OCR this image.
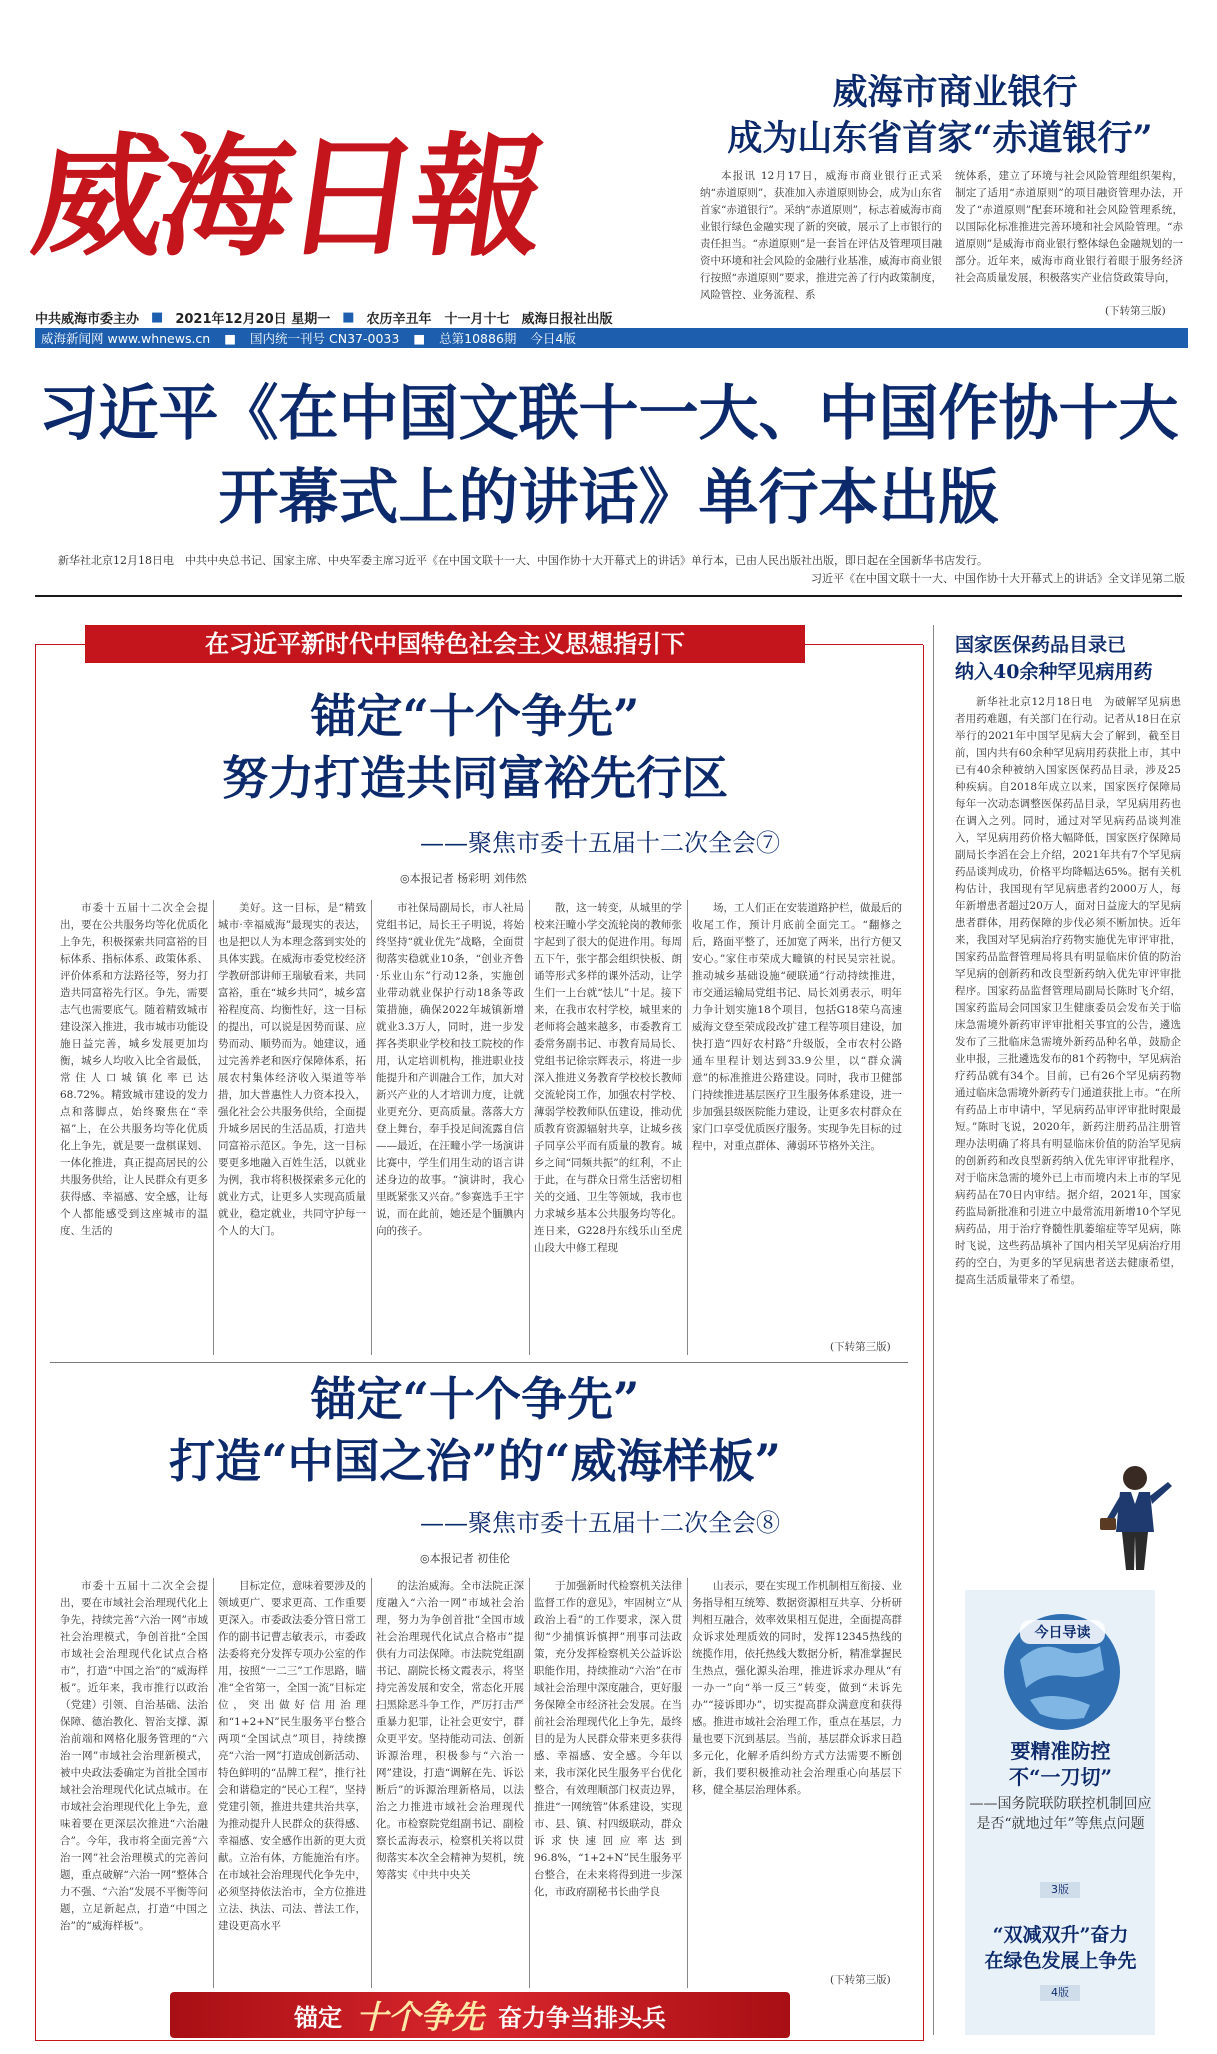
威海日報
中共威海市委主办 ■ 2021年12月20日 星期一 ■ 农历辛丑年　十一月十七 威海日报社出版
威海新闻网 www.whnews.cn ■ 国内统一刊号 CN37-0033 ■ 总第10886期 今日4版
威海市商业银行
成为山东省首家“赤道银行”

本报讯 12月17日，威海市商业银行正式采纳“赤道原则”，获准加入赤道原则协会，成为山东省首家“赤道银行”。采纳“赤道原则”，标志着威海市商业银行绿色金融实现了新的突破，展示了上市银行的责任担当。“赤道原则”是一套旨在评估及管理项目融资中环境和社会风险的金融行业基准，威海市商业银行按照“赤道原则”要求，推进完善了行内政策制度，风险管控、业务流程、系

统体系，建立了环境与社会风险管理组织架构，制定了适用“赤道原则”的项目融资管理办法，开发了“赤道原则”配套环境和社会风险管理系统，以国际化标准推进完善环境和社会风险管理。“赤道原则”是威海市商业银行整体绿色金融规划的一部分。近年来，威海市商业银行着眼于服务经济社会高质量发展，积极落实产业信贷政策导向，

(下转第三版)
习近平《在中国文联十一大、中国作协十大
开幕式上的讲话》单行本出版
新华社北京12月18日电　中共中央总书记、国家主席、中央军委主席习近平《在中国文联十一大、中国作协十大开幕式上的讲话》单行本，已由人民出版社出版，即日起在全国新华书店发行。
习近平《在中国文联十一大、中国作协十大开幕式上的讲话》全文详见第二版
在习近平新时代中国特色社会主义思想指引下
锚定“十个争先”
努力打造共同富裕先行区
——聚焦市委十五届十二次全会⑦
◎本报记者 杨彩明 刘伟然

市委十五届十二次全会提出，要在公共服务均等化优质化上争先，积极探索共同富裕的目标体系、指标体系、政策体系、评价体系和方法路径等，努力打造共同富裕先行区。争先，需要志气也需要底气。随着精致城市建设深入推进，我市城市功能设施日益完善，城乡发展更加均衡，城乡人均收入比全省最低，常住人口城镇化率已达68.72%。精致城市建设的发力点和落脚点，始终聚焦在“幸福”上，在公共服务均等化优质化上争先，就是要一盘棋谋划、一体化推进，真正提高居民的公共服务供给，让人民群众有更多获得感、幸福感、安全感，让每个人都能感受到这座城市的温度、生活的

美好。这一目标，是“精致城市·幸福威海”最现实的表达，也是把以人为本理念落到实处的具体实践。在威海市委党校经济学教研部讲师王瑞敏看来，共同富裕，重在“城乡共同”，城乡富裕程度高、均衡性好，这一目标的提出，可以说是因势而谋、应势而动、顺势而为。她建议，通过完善养老和医疗保障体系，拓展农村集体经济收入渠道等举措，加大普惠性人力资本投入，强化社会公共服务供给，全面提升城乡居民的生活品质，打造共同富裕示范区。争先，这一目标要更多地融入百姓生活，以就业为例，我市将积极探索多元化的就业方式，让更多人实现高质量就业，稳定就业，共同守护每一个人的大门。

市社保局副局长，市人社局党组书记，局长王子明说，将始终坚持“就业优先”战略，全面贯彻落实稳就业10条，“创业齐鲁·乐业山东”行动12条，实施创业带动就业保护行动18条等政策措施，确保2022年城镇新增就业3.3万人，同时，进一步发挥各类职业学校和技工院校的作用，认定培训机构，推进职业技能提升和产训融合工作，加大对新兴产业的人才培训力度，让就业更充分、更高质量。落落大方登上舞台，奉手投足间流露自信——最近，在汪疃小学一场演讲比赛中，学生们用生动的语言讲述身边的故事。“演讲时，我心里既紧张又兴奋。”参赛选手王宇说，而在此前，她还是个腼腆内向的孩子。

散，这一转变，从城里的学校来汪疃小学交流轮岗的教师张宇起到了很大的促进作用。每周五下午，张宇都会组织快板、朗诵等形式多样的课外活动，让学生们一上台就“怯儿”十足。接下来，在我市农村学校，城里来的老师将会越来越多，市委教育工委常务副书记、市教育局局长、党组书记徐宗辉表示，将进一步深入推进义务教育学校校长教师交流轮岗工作，加强农村学校、薄弱学校教师队伍建设，推动优质教育资源辐射共享，让城乡孩子同享公平而有质量的教育。城乡之间“同频共振”的红利，不止于此，在与群众日常生活密切相关的交通、卫生等领域，我市也力求城乡基本公共服务均等化。连日来，G228丹东线乐山至虎山段大中修工程现

场，工人们正在安装道路护栏，做最后的收尾工作，预计月底前全面完工。“翻修之后，路面平整了，还加宽了两米，出行方便又安心。”家住市荣成大疃镇的村民吴宗社说。推动城乡基础设施“硬联通”行动持续推进，市交通运输局党组书记、局长刘勇表示，明年力争计划实施18个项目，包括G18荣乌高速威海文登至荣成段改扩建工程等项目建设，加快打造“四好农村路”升级版，全市农村公路通车里程计划达到33.9公里，以“群众满意”的标准推进公路建设。同时，我市卫健部门持续推进基层医疗卫生服务体系建设，进一步加强县级医院能力建设，让更多农村群众在家门口享受优质医疗服务。实现争先目标的过程中，对重点群体、薄弱环节格外关注。

(下转第三版)
锚定“十个争先”
打造“中国之治”的“威海样板”
——聚焦市委十五届十二次全会⑧
◎本报记者 初佳伦

市委十五届十二次全会提出，要在市域社会治理现代化上争先，持续完善“六治一网”市域社会治理模式，争创首批“全国市域社会治理现代化试点合格市”，打造“中国之治”的“威海样板”。近年来，我市推行以政治（党建）引领、自治基础、法治保障、德治教化、智治支撑、源治前端和网格化服务管理的“六治一网”市域社会治理新模式，被中央政法委确定为首批全国市域社会治理现代化试点城市。在市域社会治理现代化上争先，意味着要在更深层次推进“六治融合”。今年，我市将全面完善“六治一网”社会治理模式的完善问题，重点破解“六治一网”整体合力不强、“六治”发展不平衡等问题，立足新起点，打造“中国之治”的“威海样板”。

目标定位，意味着要涉及的领域更广、要求更高、工作重要更深入。市委政法委分管日常工作的副书记曹志敏表示，市委政法委将充分发挥专项办公室的作用，按照“一二三”工作思路，瞄准“全省第一，全国一流”目标定位，突出做好信用治理和“1+2+N”民生服务平台整合两项“全国试点”项目，持续擦亮“六治一网”打造成创新活动、特色鲜明的“品牌工程”，推行社会和谐稳定的“民心工程”，坚持党建引领，推进共建共治共享，为推动提升人民群众的获得感、幸福感、安全感作出新的更大贡献。立治有体，方能施治有序。在市域社会治理现代化争先中，必须坚持依法治市，全方位推进立法、执法、司法、普法工作，建设更高水平

的法治威海。全市法院正深度融入“六治一网”市域社会治理，努力为争创首批“全国市域社会治理现代化试点合格市”提供有力司法保障。市法院党组副书记、副院长杨文霞表示，将坚持完善发展和安全，常态化开展扫黑除恶斗争工作，严厉打击严重暴力犯罪，让社会更安宁，群众更平安。坚持能动司法、创新诉源治理，积极参与“六治一网”建设，打造“调解在先、诉讼断后”的诉源治理新格局，以法治之力推进市域社会治理现代化。市检察院党组副书记、副检察长孟海表示，检察机关将以贯彻落实本次全会精神为契机，统筹落实《中共中央关

于加强新时代检察机关法律监督工作的意见》，牢固树立“从政治上看”的工作要求，深入贯彻“少捕慎诉慎押”刑事司法政策，充分发挥检察机关公益诉讼职能作用，持续推动“六治”在市域社会治理中深度融合，更好服务保障全市经济社会发展。在当前社会治理现代化上争先，最终目的是为人民群众带来更多获得感、幸福感、安全感。今年以来，我市深化民生服务平台优化整合，有效理顺部门权责边界，推进“一网统管”体系建设，实现市、县、镇、村四级联动，群众诉求快速回应率达到96.8%，“1+2+N”民生服务平台整合，在未来将得到进一步深化，市政府副秘书长曲学良

山表示，要在实现工作机制相互衔接、业务指导相互统筹、数据资源相互共享、分析研判相互融合，效率效果相互促进，全面提高群众诉求处理质效的同时，发挥12345热线的统揽作用，依托热线大数据分析，精准掌握民生热点，强化源头治理，推进诉求办理从“有一办一”向“举一反三”转变，做到“未诉先办”“接诉即办”，切实提高群众满意度和获得感。推进市域社会治理工作，重点在基层，力量也要下沉到基层。当前，基层群众诉求日趋多元化，化解矛盾纠纷方式方法需要不断创新，我们要积极推动社会治理重心向基层下移，健全基层治理体系。

(下转第三版)
锚定 十个争先 奋力争当排头兵
国家医保药品目录已
纳入40余种罕见病用药

新华社北京12月18日电　为破解罕见病患者用药难题，有关部门在行动。记者从18日在京举行的2021年中国罕见病大会了解到，截至目前，国内共有60余种罕见病用药获批上市，其中已有40余种被纳入国家医保药品目录，涉及25种疾病。自2018年成立以来，国家医疗保障局每年一次动态调整医保药品目录，罕见病用药也在调入之列。同时，通过对罕见病药品谈判准入，罕见病用药价格大幅降低，国家医疗保障局副局长李滔在会上介绍，2021年共有7个罕见病药品谈判成功，价格平均降幅达65%。据有关机构估计，我国现有罕见病患者约2000万人，每年新增患者超过20万人，面对日益庞大的罕见病患者群体，用药保障的步伐必须不断加快。近年来，我国对罕见病治疗药物实施优先审评审批，国家药品监督管理局将具有明显临床价值的防治罕见病的创新药和改良型新药纳入优先审评审批程序。国家药品监督管理局副局长陈时飞介绍，国家药监局会同国家卫生健康委员会发布关于临床急需境外新药审评审批相关事宜的公告，遴选发布了三批临床急需境外新药品种名单，鼓励企业申报，三批遴选发布的81个药物中，罕见病治疗药品就有34个。目前，已有26个罕见病药物通过临床急需境外新药专门通道获批上市。“在所有药品上市申请中，罕见病药品审评审批时限最短。”陈时飞说，2020年，新药注册药品注册管理办法明确了将具有明显临床价值的防治罕见病的创新药和改良型新药纳入优先审评审批程序，对于临床急需的境外已上市而境内未上市的罕见病药品在70日内审结。据介绍，2021年，国家药监局新批准和引进立中最常流用新增10个罕见病药品，用于治疗脊髓性肌萎缩症等罕见病，陈时飞说，这些药品填补了国内相关罕见病治疗用药的空白，为更多的罕见病患者送去健康希望，提高生活质量带来了希望。

今日导读
要精准防控
不“一刀切”
——国务院联防联控机制回应是否“就地过年”等焦点问题
3版
“双减双升”奋力
在绿色发展上争先
4版
